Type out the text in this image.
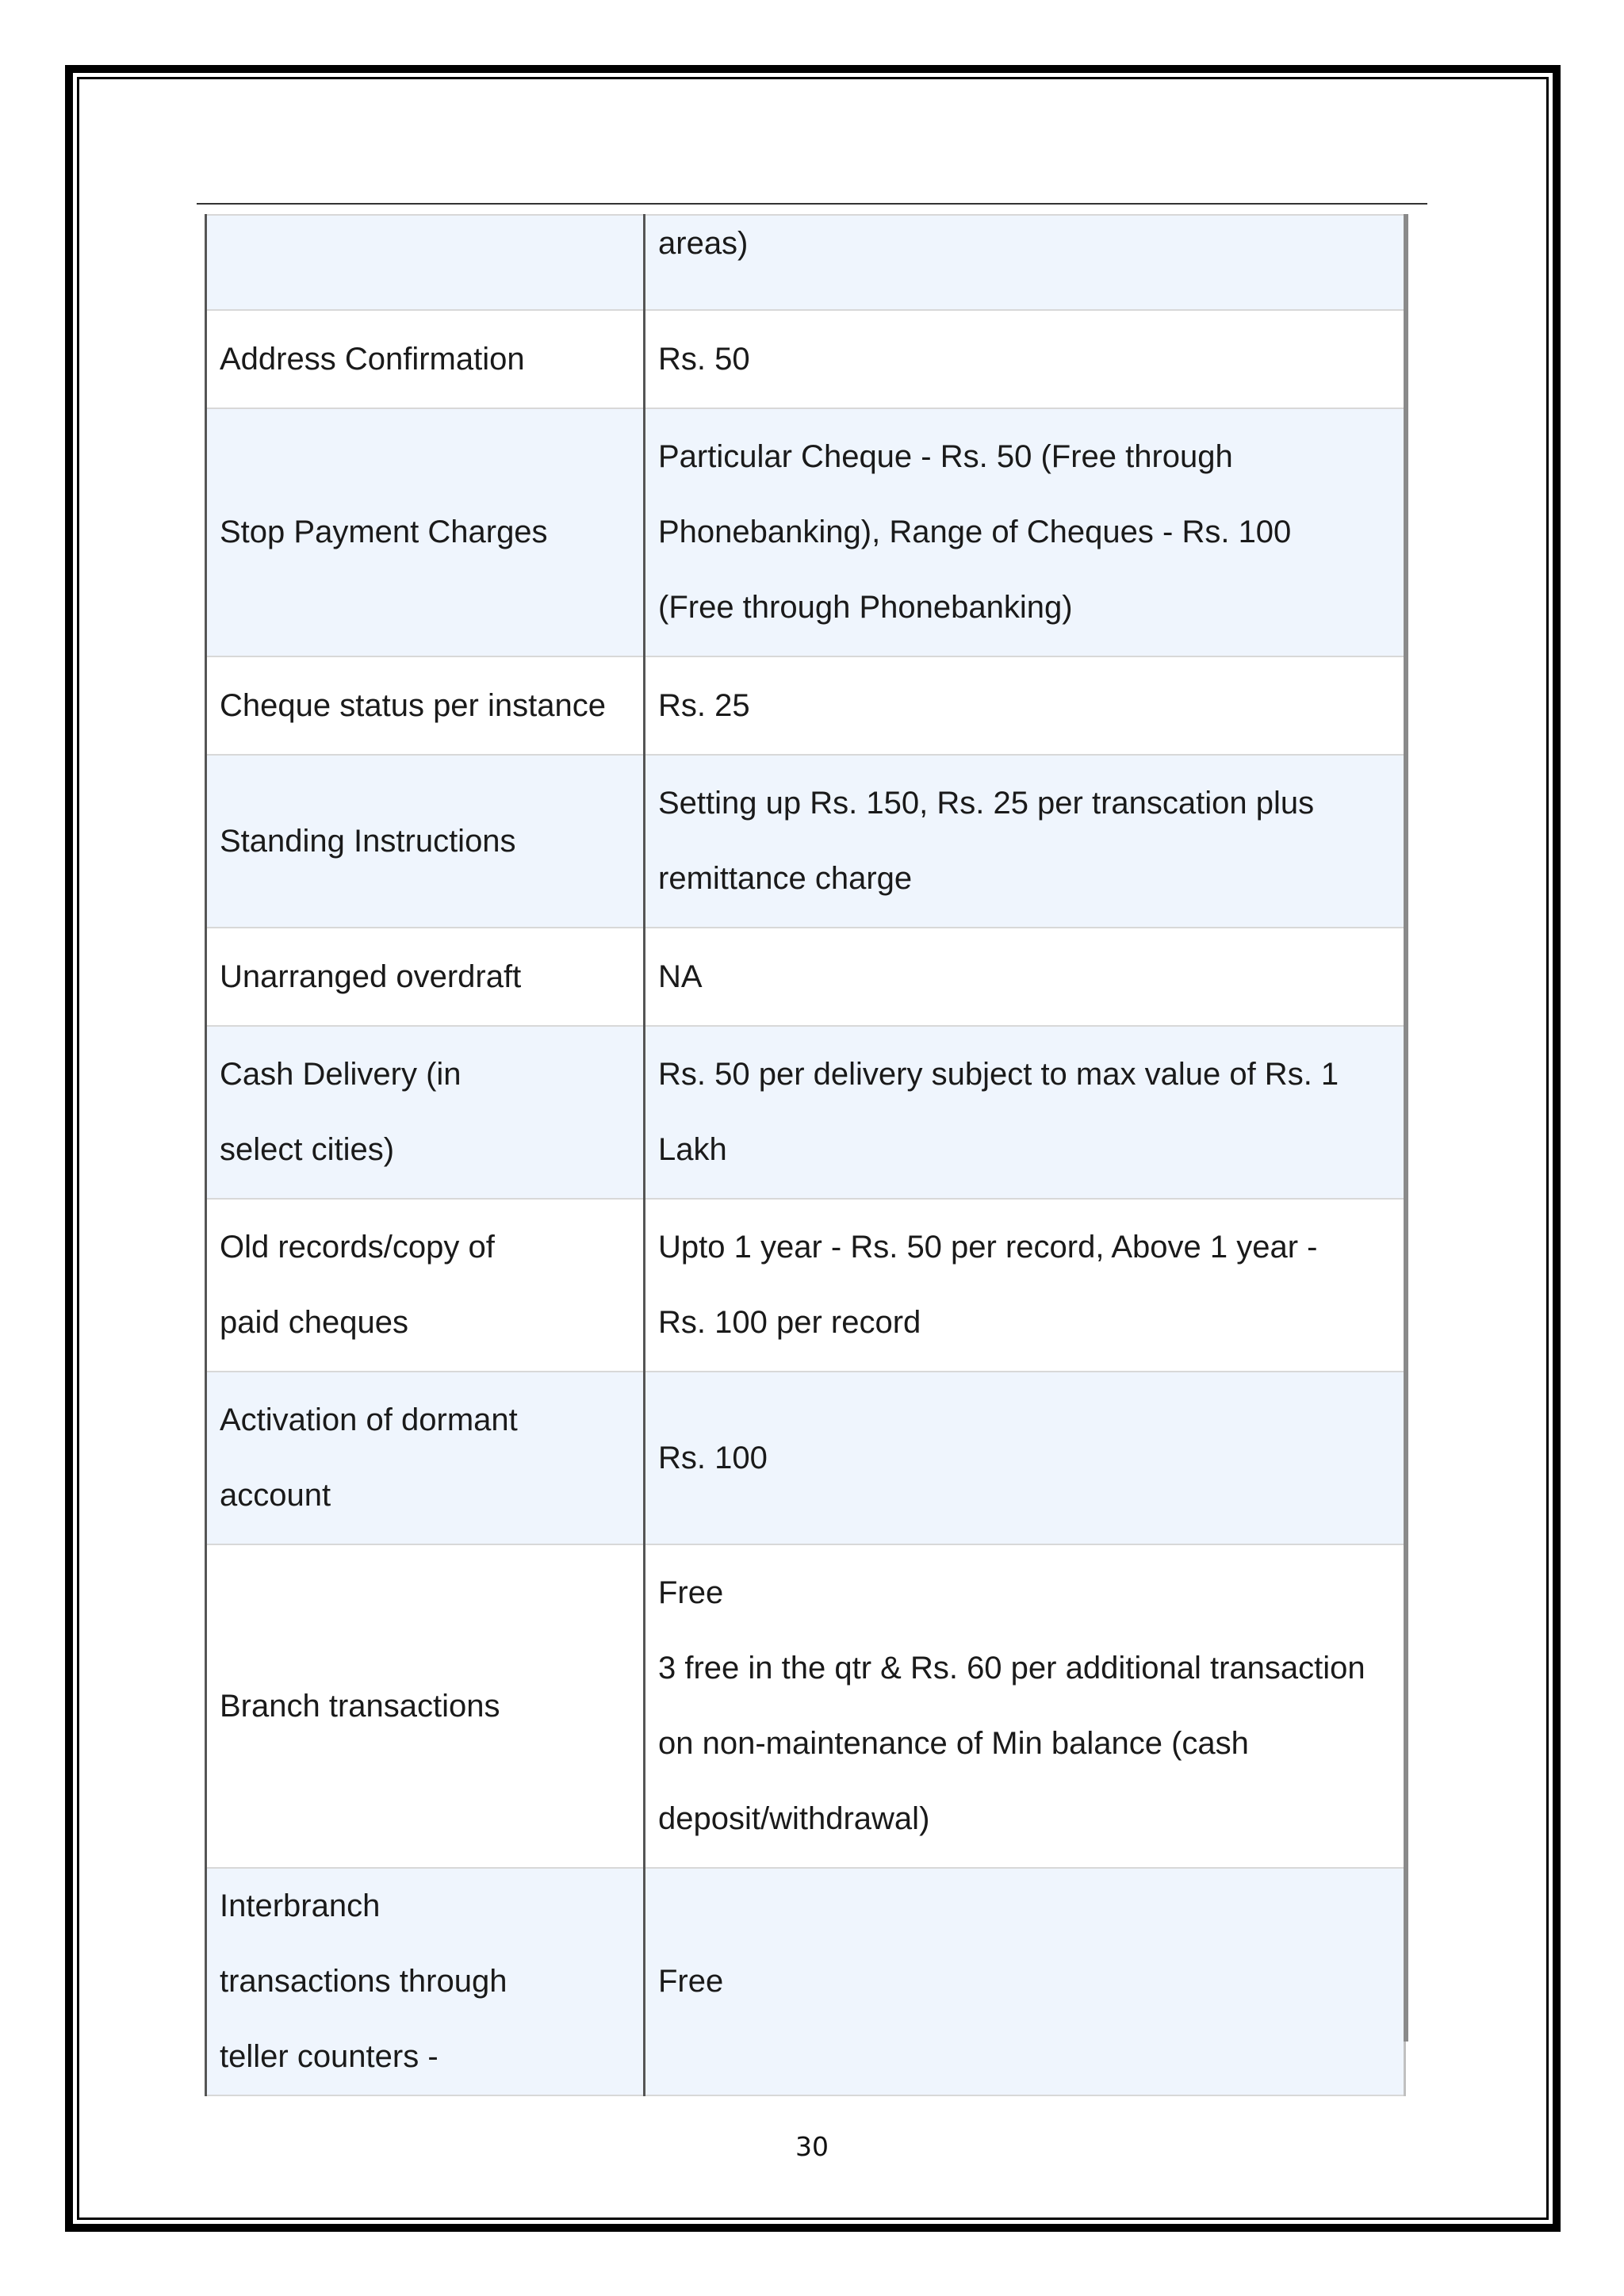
	areas)

Address Confirmation	Rs. 50

Stop Payment Charges	Particular Cheque - Rs. 50 (Free through
Phonebanking), Range of Cheques - Rs. 100
(Free through Phonebanking)

Cheque status per instance	Rs. 25

Standing Instructions	Setting up Rs. 150, Rs. 25 per transcation plus
remittance charge

Unarranged overdraft	NA

Cash Delivery (in select cities)	Rs. 50 per delivery subject to max value of Rs. 1
Lakh

Old records/copy of paid cheques	Upto 1 year - Rs. 50 per record, Above 1 year -
Rs. 100 per record

Activation of dormant account	Rs. 100

Branch transactions	Free
3 free in the qtr & Rs. 60 per additional transaction
on non-maintenance of Min balance (cash
deposit/withdrawal)

Interbranch transactions through teller counters -	Free
30
